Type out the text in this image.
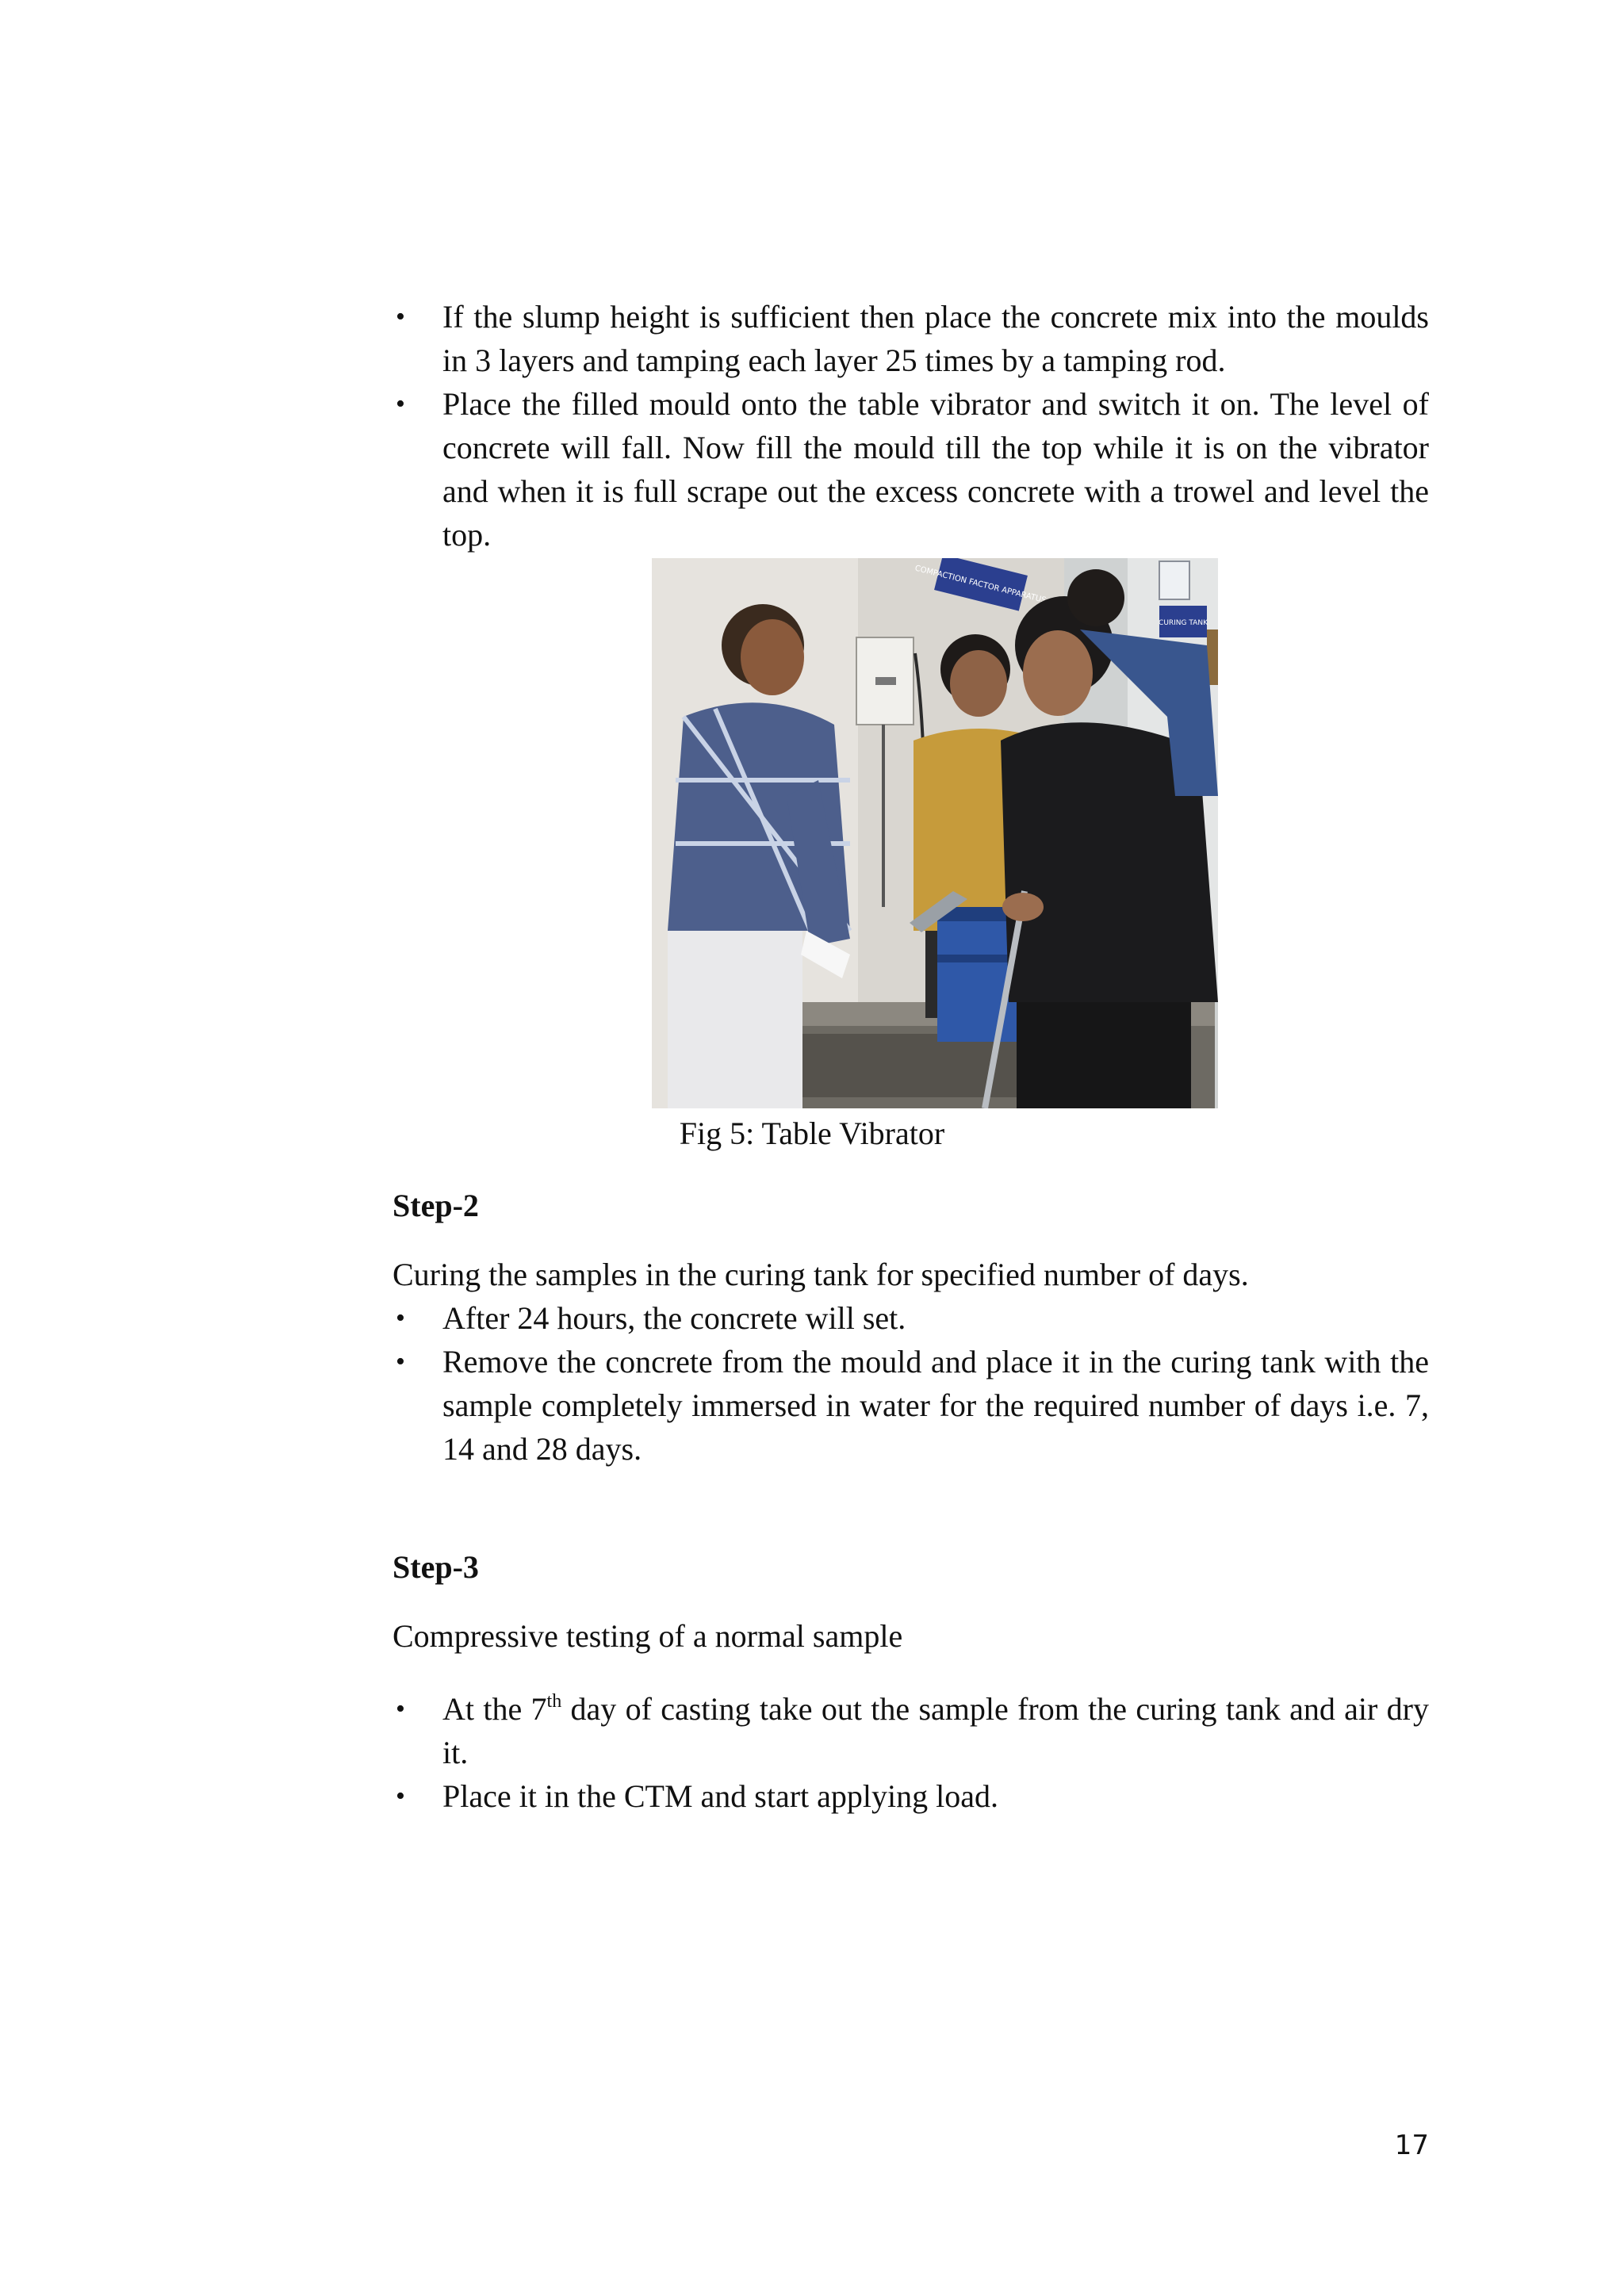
• If the slump height is sufficient then place the concrete mix into the moulds in 3 layers and tamping each layer 25 times by a tamping rod.
• Place the filled mould onto the table vibrator and switch it on. The level of concrete will fall. Now fill the mould till the top while it is on the vibrator and when it is full scrape out the excess concrete with a trowel and level the top.
COMPACTION FACTOR APPARATUS
CURING TANK
Fig 5: Table Vibrator
Step-2
Curing the samples in the curing tank for specified number of days.
• After 24 hours, the concrete will set.
• Remove the concrete from the mould and place it in the curing tank with the sample completely immersed in water for the required number of days i.e. 7, 14 and 28 days.
Step-3
Compressive testing of a normal sample
• At the 7th day of casting take out the sample from the curing tank and air dry it.
• Place it in the CTM and start applying load.
17
